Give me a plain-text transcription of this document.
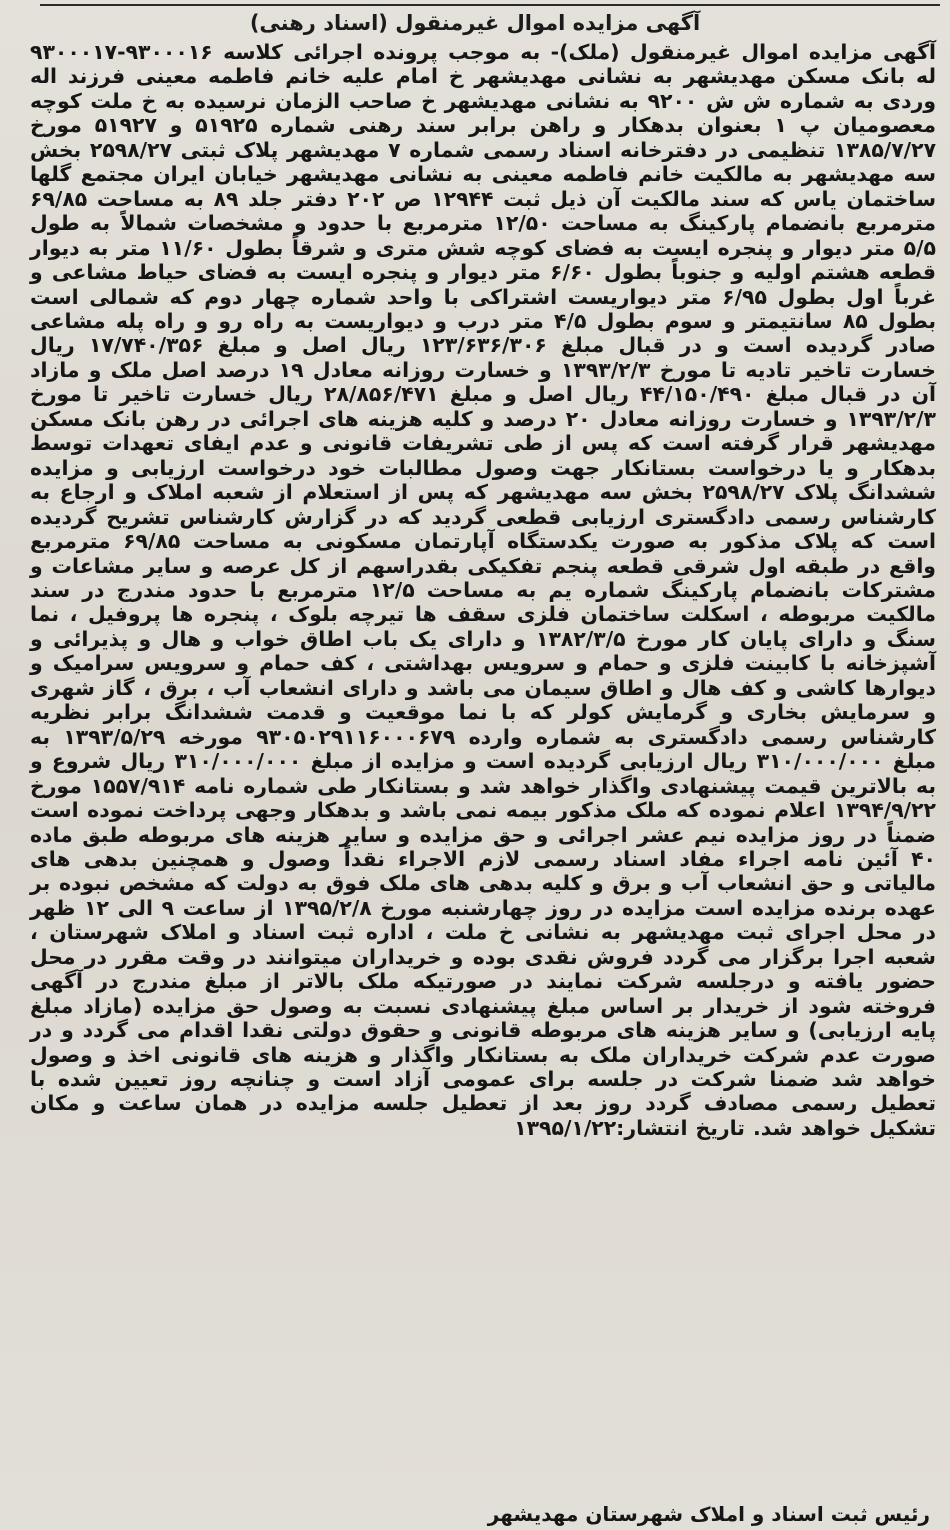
آگهی مزایده اموال غیرمنقول (اسناد رهنی)
آگهی مزایده اموال غیرمنقول (ملک)- به موجب پرونده اجرائی کلاسه ۹۳۰۰۰۱۶-۹۳۰۰۰۱۷ له بانک مسکن مهدیشهر به نشانی مهدیشهر خ امام علیه خانم فاطمه معینی فرزند اله وردی به شماره ش ش ۹۲۰۰ به نشانی مهدیشهر خ صاحب الزمان نرسیده به خ ملت کوچه معصومیان پ ۱ بعنوان بدهکار و راهن برابر سند رهنی شماره ۵۱۹۲۵ و ۵۱۹۲۷ مورخ ۱۳۸۵/۷/۲۷ تنظیمی در دفترخانه اسناد رسمی شماره ۷ مهدیشهر پلاک ثبتی ۲۵۹۸/۲۷ بخش سه مهدیشهر به مالکیت خانم فاطمه معینی به نشانی مهدیشهر خیابان ایران مجتمع گلها ساختمان یاس که سند مالکیت آن ذیل ثبت ۱۲۹۴۴ ص ۲۰۲ دفتر جلد ۸۹ به مساحت ۶۹/۸۵ مترمربع بانضمام پارکینگ به مساحت ۱۲/۵۰ مترمربع با حدود و مشخصات شمالاً به طول ۵/۵ متر دیوار و پنجره ایست به فضای کوچه شش متری و شرقاً بطول ۱۱/۶۰ متر به دیوار قطعه هشتم اولیه و جنوباً بطول ۶/۶۰ متر دیوار و پنجره ایست به فضای حیاط مشاعی و غرباً اول بطول ۶/۹۵ متر دیواریست اشتراکی با واحد شماره چهار دوم که شمالی است بطول ۸۵ سانتیمتر و سوم بطول ۴/۵ متر درب و دیواریست به راه رو و راه پله مشاعی صادر گردیده است و در قبال مبلغ ۱۲۳/۶۳۶/۳۰۶ ریال اصل و مبلغ ۱۷/۷۴۰/۳۵۶ ریال خسارت تاخیر تادیه تا مورخ ۱۳۹۳/۲/۳ و خسارت روزانه معادل ۱۹ درصد اصل ملک و مازاد آن در قبال مبلغ ۴۴/۱۵۰/۴۹۰ ریال اصل و مبلغ ۲۸/۸۵۶/۴۷۱ ریال خسارت تاخیر تا مورخ ۱۳۹۳/۲/۳ و خسارت روزانه معادل ۲۰ درصد و کلیه هزینه های اجرائی در رهن بانک مسکن مهدیشهر قرار گرفته است که پس از طی تشریفات قانونی و عدم ایفای تعهدات توسط بدهکار و یا درخواست بستانکار جهت وصول مطالبات خود درخواست ارزیابی و مزایده ششدانگ پلاک ۲۵۹۸/۲۷ بخش سه مهدیشهر که پس از استعلام از شعبه املاک و ارجاع به کارشناس رسمی دادگستری ارزیابی قطعی گردید که در گزارش کارشناس تشریح گردیده است که پلاک مذکور به صورت یکدستگاه آپارتمان مسکونی به مساحت ۶۹/۸۵ مترمربع واقع در طبقه اول شرقی قطعه پنجم تفکیکی بقدراسهم از کل عرصه و سایر مشاعات و مشترکات بانضمام پارکینگ شماره یم به مساحت ۱۲/۵ مترمربع با حدود مندرج در سند مالکیت مربوطه ، اسکلت ساختمان فلزی سقف ها تیرچه بلوک ، پنجره ها پروفیل ، نما سنگ و دارای پایان کار مورخ ۱۳۸۲/۳/۵ و دارای یک باب اطاق خواب و هال و پذیرائی و آشپزخانه با کابینت فلزی و حمام و سرویس بهداشتی ، کف حمام و سرویس سرامیک و دیوارها کاشی و کف هال و اطاق سیمان می باشد و دارای انشعاب آب ، برق ، گاز شهری و سرمایش بخاری و گرمایش کولر که با نما موقعیت و قدمت ششدانگ برابر نظریه کارشناس رسمی دادگستری به شماره وارده ۹۳۰۵۰۲۹۱۱۶۰۰۰۶۷۹ مورخه ۱۳۹۳/۵/۲۹ به مبلغ ۳۱۰/۰۰۰/۰۰۰ ریال ارزیابی گردیده است و مزایده از مبلغ ۳۱۰/۰۰۰/۰۰۰ ریال شروع و به بالاترین قیمت پیشنهادی واگذار خواهد شد و بستانکار طی شماره نامه ۱۵۵۷/۹۱۴ مورخ ۱۳۹۴/۹/۲۲ اعلام نموده که ملک مذکور بیمه نمی باشد و بدهکار وجهی پرداخت نموده است ضمناً در روز مزایده نیم عشر اجرائی و حق مزایده و سایر هزینه های مربوطه طبق ماده ۴۰ آئین نامه اجراء مفاد اسناد رسمی لازم الاجراء نقداً وصول و همچنین بدهی های مالیاتی و حق انشعاب آب و برق و کلیه بدهی های ملک فوق به دولت که مشخص نبوده بر عهده برنده مزایده است مزایده در روز چهارشنبه مورخ ۱۳۹۵/۲/۸ از ساعت ۹ الی ۱۲ ظهر در محل اجرای ثبت مهدیشهر به نشانی خ ملت ، اداره ثبت اسناد و املاک شهرستان ، شعبه اجرا برگزار می گردد فروش نقدی بوده و خریداران میتوانند در وقت مقرر در محل حضور یافته و درجلسه شرکت نمایند در صورتیکه ملک بالاتر از مبلغ مندرج در آگهی فروخته شود از خریدار بر اساس مبلغ پیشنهادی نسبت به وصول حق مزایده (مازاد مبلغ پایه ارزیابی) و سایر هزینه های مربوطه قانونی و حقوق دولتی نقدا اقدام می گردد و در صورت عدم شرکت خریداران ملک به بستانکار واگذار و هزینه های قانونی اخذ و وصول خواهد شد ضمنا شرکت در جلسه برای عمومی آزاد است و چنانچه روز تعیین شده با تعطیل رسمی مصادف گردد روز بعد از تعطیل جلسه مزایده در همان ساعت و مکان تشکیل خواهد شد. تاریخ انتشار:۱۳۹۵/۱/۲۲
رئیس ثبت اسناد و املاک شهرستان مهدیشهر
